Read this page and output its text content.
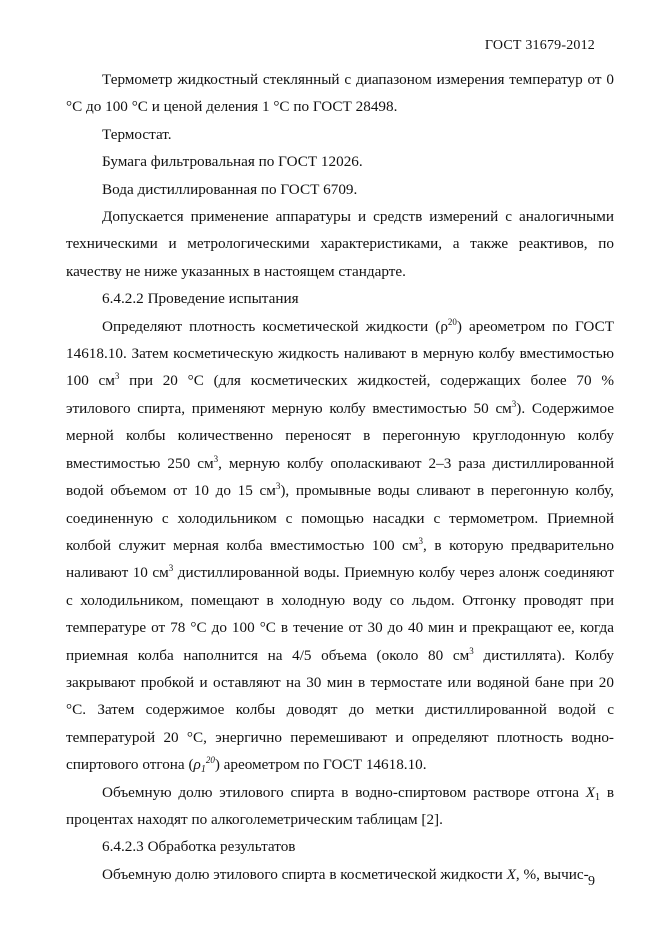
ГОСТ 31679-2012

Термометр жидкостный стеклянный с диапазоном измерения температур от 0 °С до 100 °С и ценой деления 1 °С по ГОСТ 28498.

Термостат.

Бумага фильтровальная по ГОСТ 12026.

Вода дистиллированная по ГОСТ 6709.

Допускается применение аппаратуры и средств измерений с аналогичными техническими и метрологическими характеристиками, а также реактивов, по качеству не ниже указанных в настоящем стандарте.

6.4.2.2 Проведение испытания

Определяют плотность косметической жидкости $(\rho^{20})$ ареометром по ГОСТ 14618.10. Затем косметическую жидкость наливают в мерную колбу вместимостью 100 $см^3$ при 20 °С (для косметических жидкостей, содержащих более 70 % этилового спирта, применяют мерную колбу вместимостью 50 $см^3$). Содержимое мерной колбы количественно переносят в перегонную круглодонную колбу вместимостью 250 $см^3$, мерную колбу ополаскивают 2–3 раза дистиллированной водой объемом от 10 до 15 $см^3$), промывные воды сливают в перегонную колбу, соединенную с холодильником с помощью насадки с термометром. Приемной колбой служит мерная колба вместимостью 100 $см^3$, в которую предварительно наливают 10 $см^3$ дистиллированной воды. Приемную колбу через алонж соединяют с холодильником, помещают в холодную воду со льдом. Отгонку проводят при температуре от 78 °С до 100 °С в течение от 30 до 40 мин и прекращают ее, когда приемная колба наполнится на 4/5 объема (около 80 $см^3$ дистиллята). Колбу закрывают пробкой и оставляют на 30 мин в термостате или водяной бане при 20 °С. Затем содержимое колбы доводят до метки дистиллированной водой с температурой 20 °С, энергично перемешивают и определяют плотность водно-спиртового отгона $(\rho_1^{20})$ ареометром по ГОСТ 14618.10.

Объемную долю этилового спирта в водно-спиртовом растворе отгона $X_1$ в процентах находят по алкоголеметрическим таблицам [2].

6.4.2.3 Обработка результатов

Объемную долю этилового спирта в косметической жидкости X, %, вычис- 9
